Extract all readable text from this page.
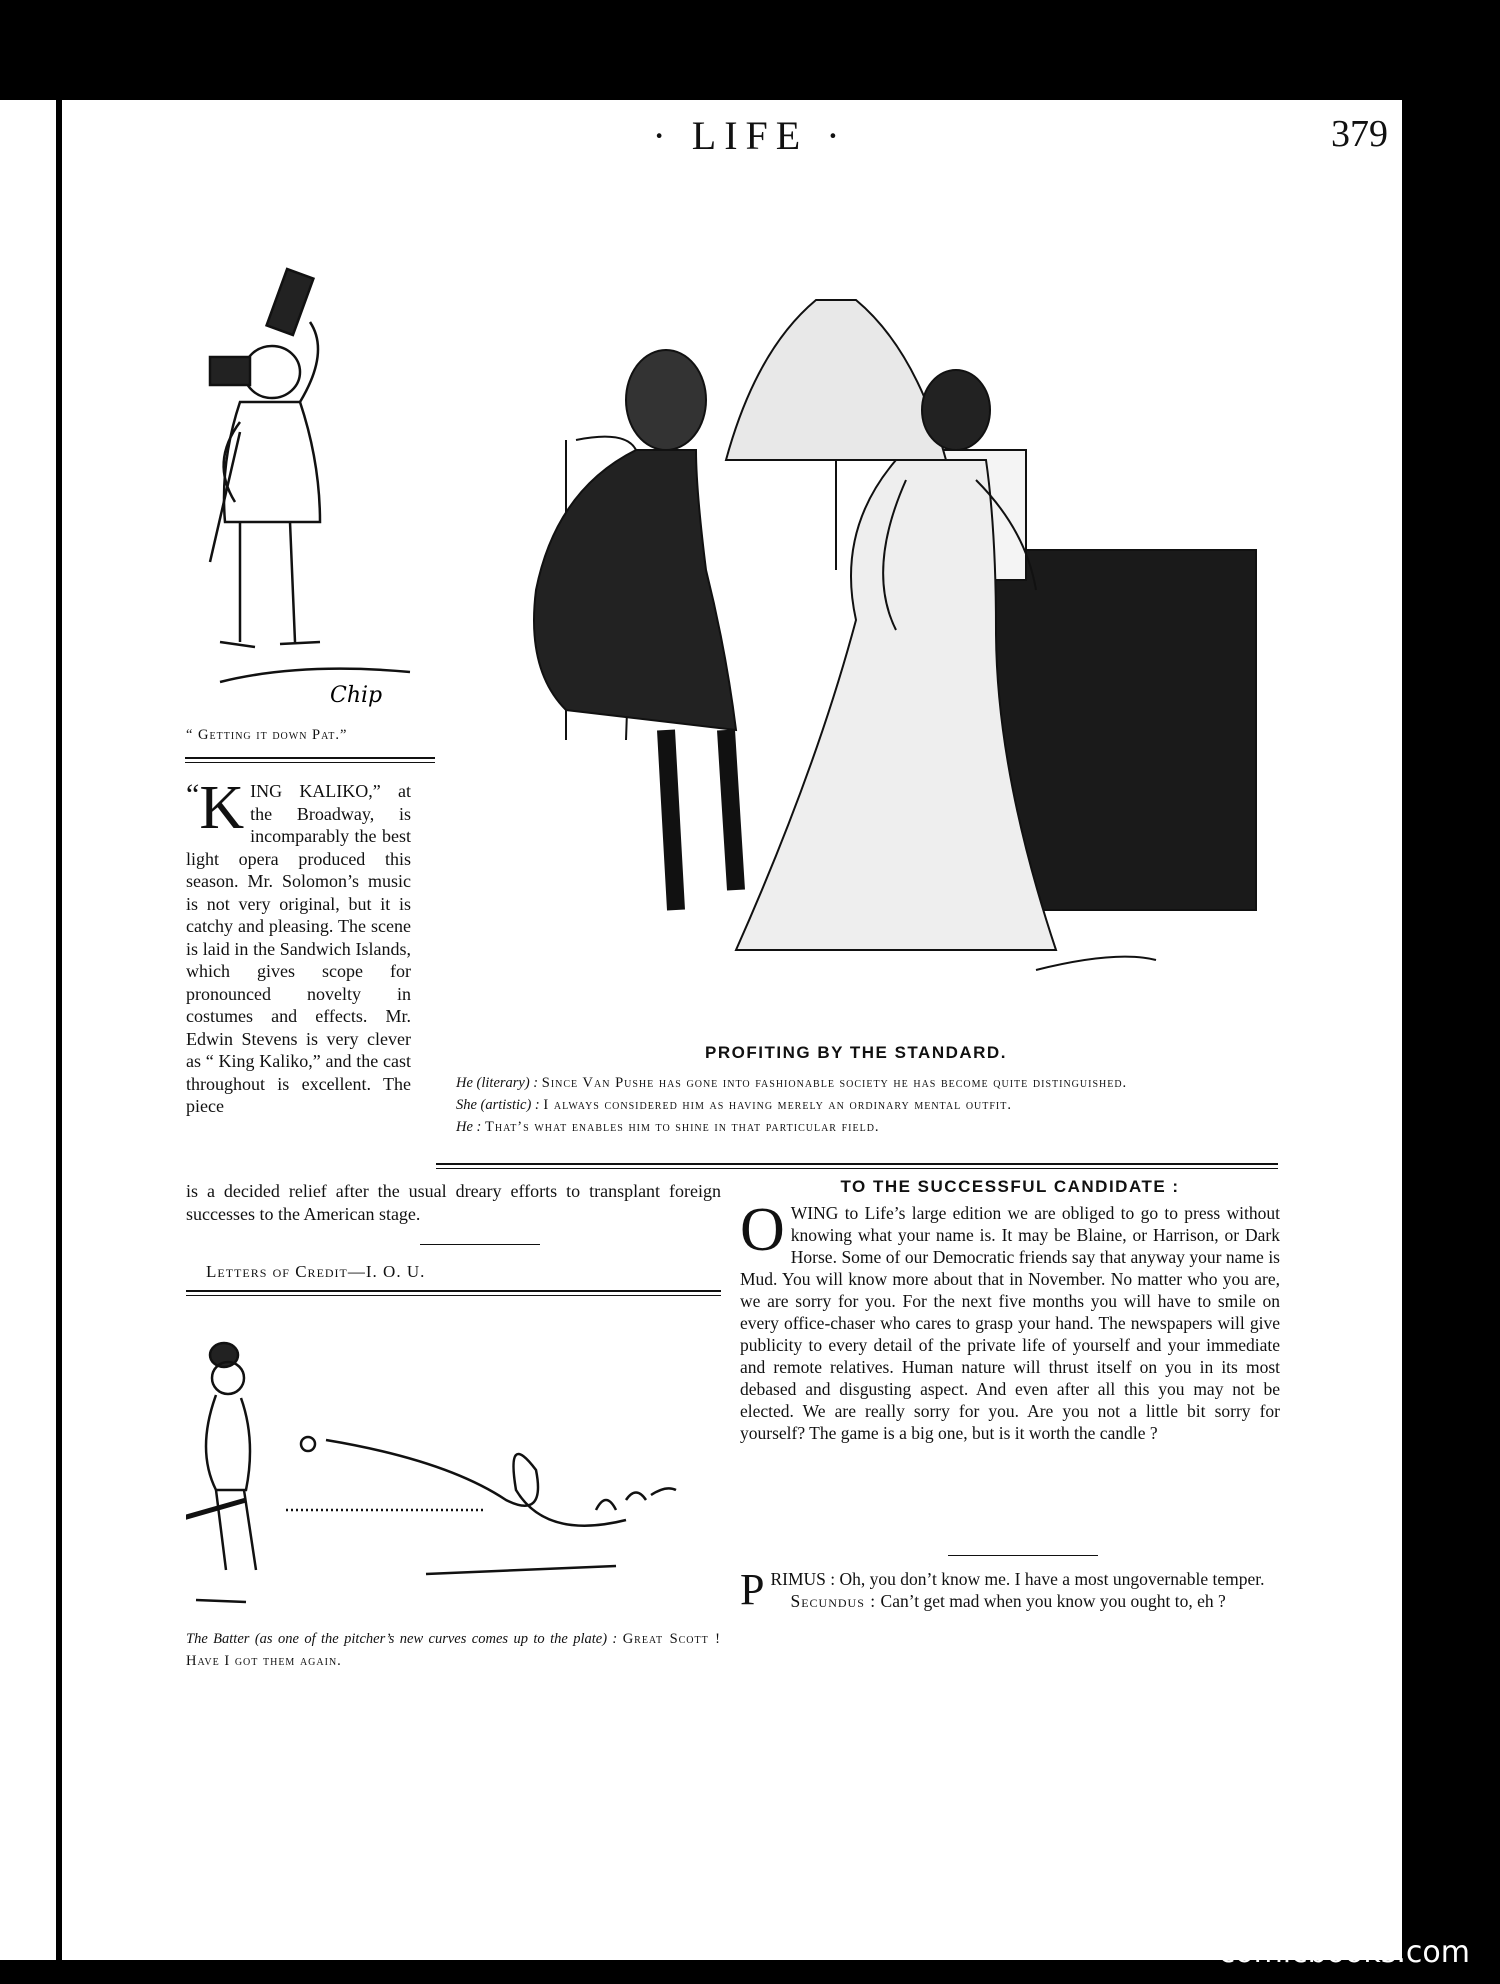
· LIFE ·	379
Chip
“ Getting it down Pat.”
PROFITING BY THE STANDARD.

He (literary) : Since Van Pushe has gone into fashionable society he has become quite distinguished.

She (artistic) : I always considered him as having merely an ordinary mental outfit.

He : That’s what enables him to shine in that particular field.

“ K ING KALIKO,” at the Broadway, is incomparably the best light opera produced this season. Mr. Solomon’s music is not very original, but it is catchy and pleasing. The scene is laid in the Sandwich Islands, which gives scope for pronounced novelty in costumes and effects. Mr. Edwin Stevens is very clever as “ King Kaliko,” and the cast throughout is excellent. The piece
is a decided relief after the usual dreary efforts to transplant foreign successes to the American stage.
Letters of Credit—I. O. U.
The Batter (as one of the pitcher’s new curves comes up to the plate) : Great Scott ! Have I got them again.
TO THE SUCCESSFUL CANDIDATE :
OWING to Life’s large edition we are obliged to go to press without knowing what your name is. It may be Blaine, or Harrison, or Dark Horse. Some of our Democratic friends say that anyway your name is Mud. You will know more about that in November. No matter who you are, we are sorry for you. For the next five months you will have to smile on every office-chaser who cares to grasp your hand. The newspapers will give publicity to every detail of the private life of yourself and your immediate and remote relatives. Human nature will thrust itself on you in its most debased and disgusting aspect. And even after all this you may not be elected. We are really sorry for you. Are you not a little bit sorry for yourself? The game is a big one, but is it worth the candle ?
PRIMUS : Oh, you don’t know me. I have a most ungovernable temper.
Secundus : Can’t get mad when you know you ought to, eh ?
comicbooks.com
